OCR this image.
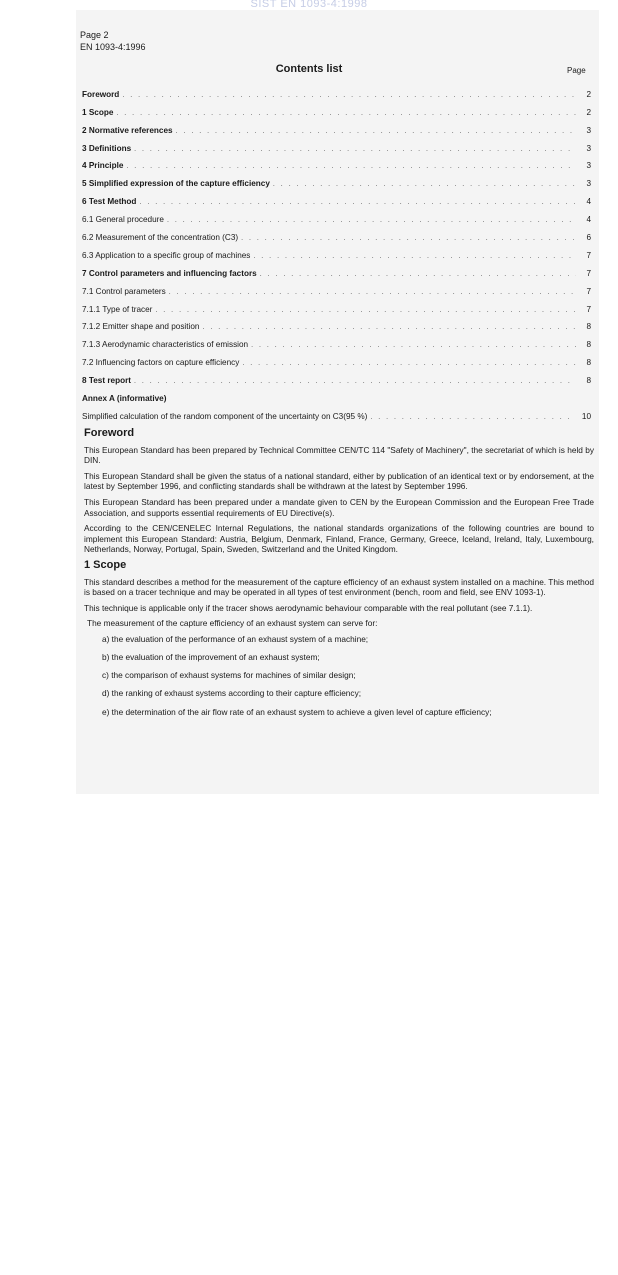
SIST EN 1093-4:1998
Page 2
EN 1093-4:1996
Contents list	Page
Foreword . . .	2
1 Scope . . .	2
2 Normative references . . .	3
3 Definitions . . .	3
4 Principle . . .	3
5 Simplified expression of the capture efficiency . . .	3
6 Test Method . . .	4
6.1 General procedure . . .	4
6.2 Measurement of the concentration (C3) . . .	6
6.3 Application to a specific group of machines . . .	7
7 Control parameters and influencing factors . . .	7
7.1 Control parameters . . .	7
7.1.1 Type of tracer . . .	7
7.1.2 Emitter shape and position . . .	8
7.1.3 Aerodynamic characteristics of emission . . .	8
7.2 Influencing factors on capture efficiency . . .	8
8 Test report . . .	8
Annex A (informative)
Simplified calculation of the random component of the uncertainty on C3(95 %) . . .	10
Foreword

This European Standard has been prepared by Technical Committee CEN/TC 114 "Safety of Machinery", the secretariat of which is held by DIN.

This European Standard shall be given the status of a national standard, either by publication of an identical text or by endorsement, at the latest by September 1996, and conflicting standards shall be withdrawn at the latest by September 1996.

This European Standard has been prepared under a mandate given to CEN by the European Commission and the European Free Trade Association, and supports essential requirements of EU Directive(s).

According to the CEN/CENELEC Internal Regulations, the national standards organizations of the following countries are bound to implement this European Standard: Austria, Belgium, Denmark, Finland, France, Germany, Greece, Iceland, Ireland, Italy, Luxembourg, Netherlands, Norway, Portugal, Spain, Sweden, Switzerland and the United Kingdom.

1 Scope

This standard describes a method for the measurement of the capture efficiency of an exhaust system installed on a machine. This method is based on a tracer technique and may be operated in all types of test environment (bench, room and field, see ENV 1093-1).

This technique is applicable only if the tracer shows aerodynamic behaviour comparable with the real pollutant (see 7.1.1).

The measurement of the capture efficiency of an exhaust system can serve for:

a) the evaluation of the performance of an exhaust system of a machine;
b) the evaluation of the improvement of an exhaust system;
c) the comparison of exhaust systems for machines of similar design;
d) the ranking of exhaust systems according to their capture efficiency;
e) the determination of the air flow rate of an exhaust system to achieve a given level of capture efficiency;
